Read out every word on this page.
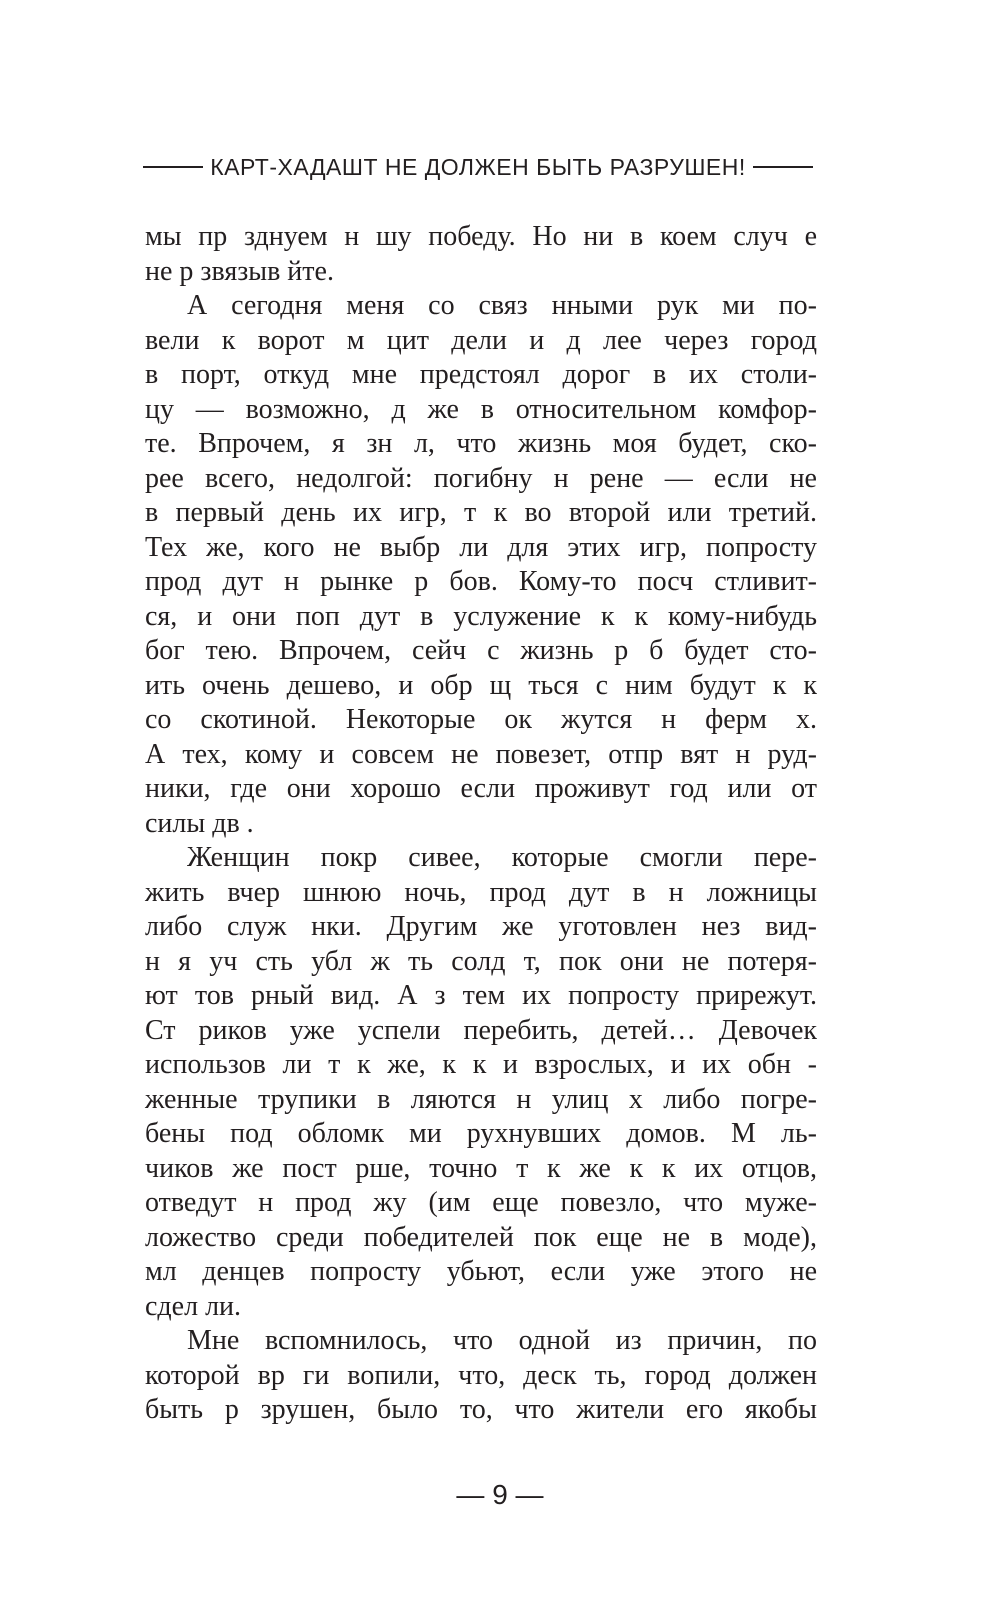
КАРТ-ХАДАШТ НЕ ДОЛЖЕН БЫТЬ РАЗРУШЕН!
мы пр зднуем н шу победу. Но ни в коем случ е
не р звязыв йте.
А сегодня меня со связ нными рук ми по-
вели к ворот м цит дели и д лее через город
в порт, откуд мне предстоял дорог в их столи-
цу — возможно, д же в относительном комфор-
те. Впрочем, я зн л, что жизнь моя будет, ско-
рее всего, недолгой: погибну н рене — если не
в первый день их игр, т к во второй или третий.
Тех же, кого не выбр ли для этих игр, попросту
прод дут н рынке р бов. Кому-то посч стливит-
ся, и они поп дут в услужение к к кому-нибудь
бог тею. Впрочем, сейч с жизнь р б будет сто-
ить очень дешево, и обр щ ться с ним будут к к
со скотиной. Некоторые ок жутся н ферм х.
А тех, кому и совсем не повезет, отпр вят н руд-
ники, где они хорошо если проживут год или от
силы дв .
Женщин покр сивее, которые смогли пере-
жить вчер шнюю ночь, прод дут в н ложницы
либо служ нки. Другим же уготовлен нез вид-
н я уч сть убл ж ть солд т, пок они не потеря-
ют тов рный вид. А з тем их попросту прирежут.
Ст риков уже успели перебить, детей… Девочек
использов ли т к же, к к и взрослых, и их обн -
женные трупики в ляются н улиц х либо погре-
бены под обломк ми рухнувших домов. М ль-
чиков же пост рше, точно т к же к к их отцов,
отведут н прод жу (им еще повезло, что муже-
ложество среди победителей пок еще не в моде),
мл денцев попросту убьют, если уже этого не
сдел ли.
Мне вспомнилось, что одной из причин, по
которой вр ги вопили, что, деск ть, город должен
быть р зрушен, было то, что жители его якобы
— 9 —
